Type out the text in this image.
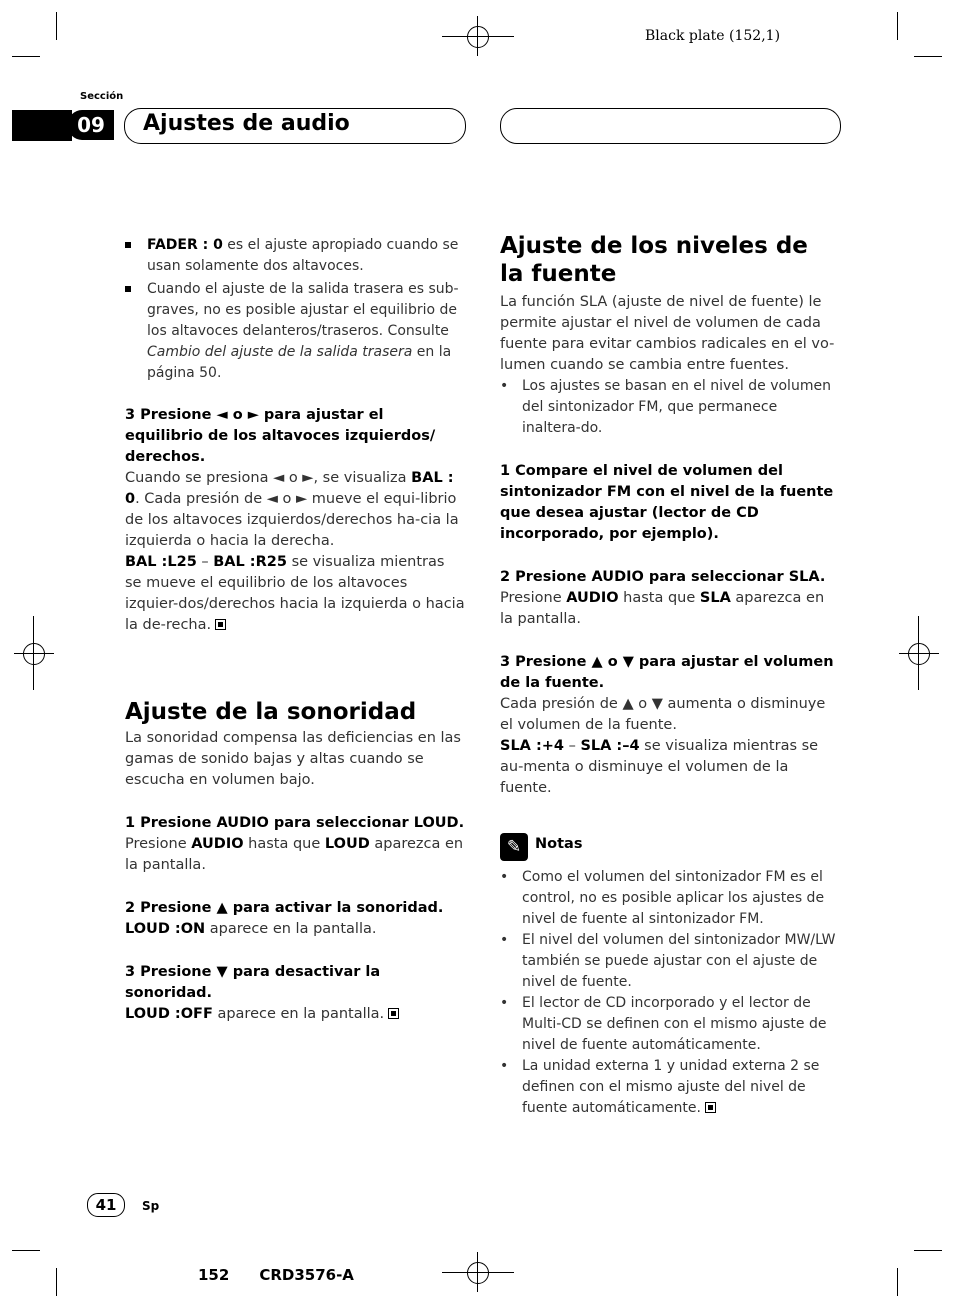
Black plate (152,1)
Sección
09	Ajustes de audio

FADER : 0 es el ajuste apropiado cuando se usan solamente dos altavoces.

Cuando el ajuste de la salida trasera es sub-graves, no es posible ajustar el equilibrio de los altavoces delanteros/traseros. Consulte Cambio del ajuste de la salida trasera en la página 50.

3 Presione ◄ o ► para ajustar el equilibrio de los altavoces izquierdos/ derechos.

Cuando se presiona ◄ o ►, se visualiza BAL : 0. Cada presión de ◄ o ► mueve el equi-librio de los altavoces izquierdos/derechos ha-cia la izquierda o hacia la derecha.

BAL :L25 – BAL :R25 se visualiza mientras se mueve el equilibrio de los altavoces izquier-dos/derechos hacia la izquierda o hacia la de-recha.

Ajuste de la sonoridad

La sonoridad compensa las deficiencias en las gamas de sonido bajas y altas cuando se escucha en volumen bajo.

1 Presione AUDIO para seleccionar LOUD.

Presione AUDIO hasta que LOUD aparezca en la pantalla.

2 Presione ▲ para activar la sonoridad.

LOUD :ON aparece en la pantalla.

3 Presione ▼ para desactivar la sonoridad.

LOUD :OFF aparece en la pantalla.

Ajuste de los niveles de la fuente

La función SLA (ajuste de nivel de fuente) le permite ajustar el nivel de volumen de cada fuente para evitar cambios radicales en el vo-lumen cuando se cambia entre fuentes.

• Los ajustes se basan en el nivel de volumen del sintonizador FM, que permanece inaltera-do.

1 Compare el nivel de volumen del sintonizador FM con el nivel de la fuente que desea ajustar (lector de CD incorporado, por ejemplo).

2 Presione AUDIO para seleccionar SLA.

Presione AUDIO hasta que SLA aparezca en la pantalla.

3 Presione ▲ o ▼ para ajustar el volumen de la fuente.

Cada presión de ▲ o ▼ aumenta o disminuye el volumen de la fuente.

SLA :+4 – SLA :–4 se visualiza mientras se au-menta o disminuye el volumen de la fuente.

✎ Notas

• Como el volumen del sintonizador FM es el control, no es posible aplicar los ajustes de nivel de fuente al sintonizador FM.

• El nivel del volumen del sintonizador MW/LW también se puede ajustar con el ajuste de nivel de fuente.

• El lector de CD incorporado y el lector de Multi-CD se definen con el mismo ajuste de nivel de fuente automáticamente.

• La unidad externa 1 y unidad externa 2 se definen con el mismo ajuste del nivel de fuente automáticamente.

41	Sp
152 CRD3576-A
